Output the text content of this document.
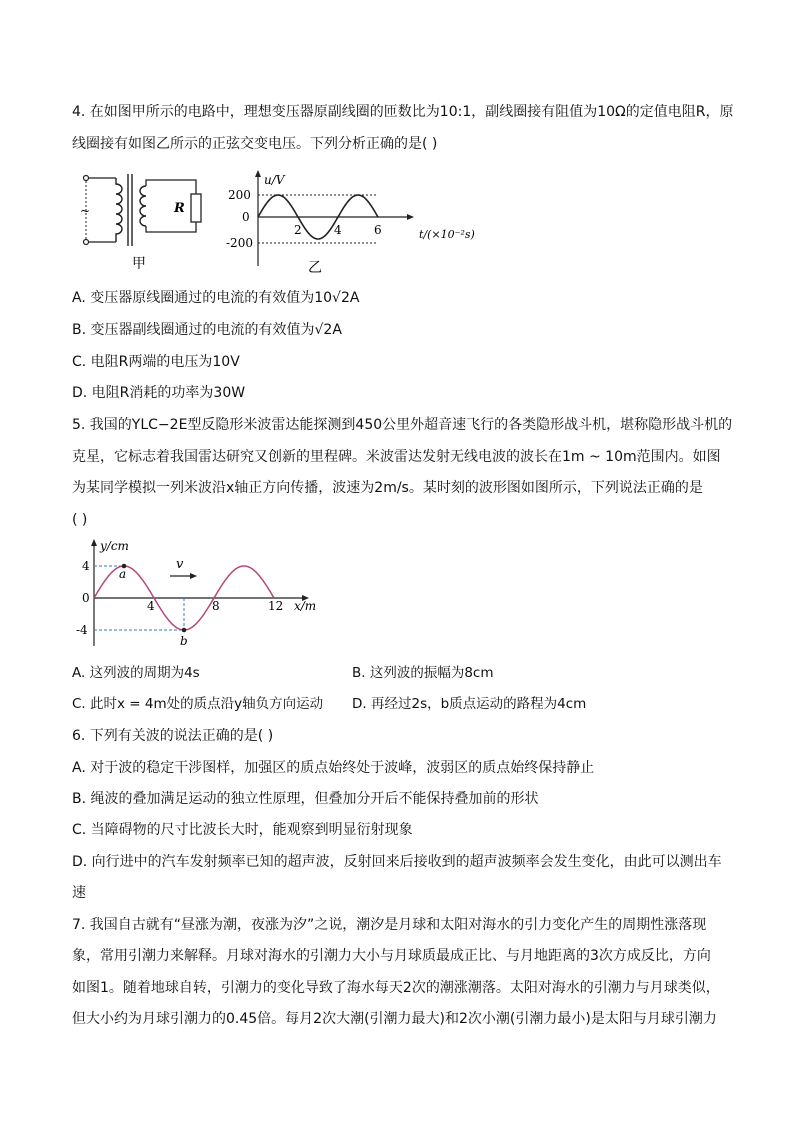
4. 在如图甲所示的电路中，理想变压器原副线圈的匝数比为10:1，副线圈接有阻值为10Ω的定值电阻R，原
线圈接有如图乙所示的正弦交变电压。下列分析正确的是( )
~	R
甲
u/V
t/(×10⁻²s)
200
0
-200
2	4	6
乙
A. 变压器原线圈通过的电流的有效值为10√2A
B. 变压器副线圈通过的电流的有效值为√2A
C. 电阻R两端的电压为10V
D. 电阻R消耗的功率为30W
5. 我国的YLC−2E型反隐形米波雷达能探测到450公里外超音速飞行的各类隐形战斗机，堪称隐形战斗机的
克星，它标志着我国雷达研究又创新的里程碑。米波雷达发射无线电波的波长在1m ~ 10m范围内。如图
为某同学模拟一列米波沿x轴正方向传播，波速为2m/s。某时刻的波形图如图所示，下列说法正确的是
( )
y/cm
x/m
4
0
-4
a
b
v
4	8	12
A. 这列波的周期为4s	B. 这列波的振幅为8cm
C. 此时x = 4m处的质点沿y轴负方向运动 D. 再经过2s，b质点运动的路程为4cm
6. 下列有关波的说法正确的是( )
A. 对于波的稳定干涉图样，加强区的质点始终处于波峰，波弱区的质点始终保持静止
B. 绳波的叠加满足运动的独立性原理，但叠加分开后不能保持叠加前的形状
C. 当障碍物的尺寸比波长大时，能观察到明显衍射现象
D. 向行进中的汽车发射频率已知的超声波，反射回来后接收到的超声波频率会发生变化，由此可以测出车
速
7. 我国自古就有“昼涨为潮，夜涨为汐”之说，潮汐是月球和太阳对海水的引力变化产生的周期性涨落现
象，常用引潮力来解释。月球对海水的引潮力大小与月球质最成正比、与月地距离的3次方成反比，方向
如图1。随着地球自转，引潮力的变化导致了海水每天2次的潮涨潮落。太阳对海水的引潮力与月球类似，
但大小约为月球引潮力的0.45倍。每月2次大潮(引潮力最大)和2次小潮(引潮力最小)是太阳与月球引潮力
